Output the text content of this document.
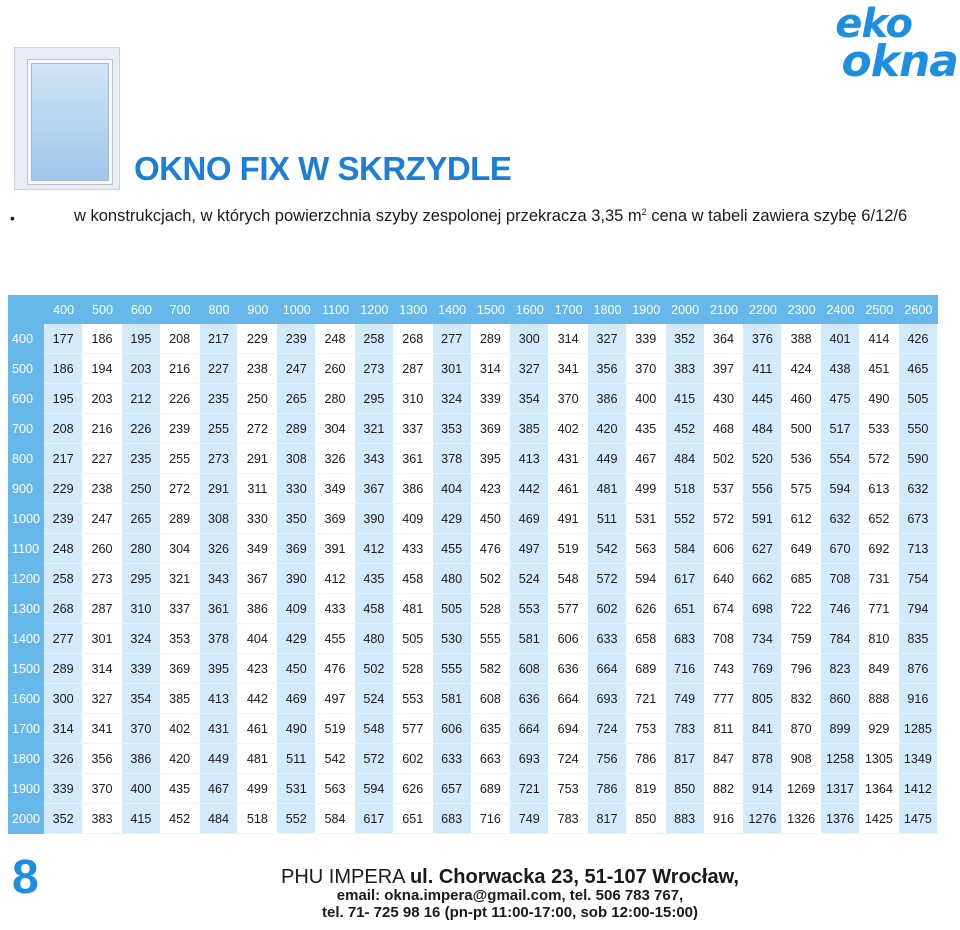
eko
okna
OKNO FIX W SKRZYDLE
•	w konstrukcjach, w których powierzchnia szyby zespolonej przekracza 3,35 $m^2$ cena w tabeli zawiera szybę 6/12/6
	400	500	600	700	800	900	1000	1100	1200	1300	1400	1500	1600	1700	1800	1900	2000	2100	2200	2300	2400	2500	2600
400	177	186	195	208	217	229	239	248	258	268	277	289	300	314	327	339	352	364	376	388	401	414	426
500	186	194	203	216	227	238	247	260	273	287	301	314	327	341	356	370	383	397	411	424	438	451	465
600	195	203	212	226	235	250	265	280	295	310	324	339	354	370	386	400	415	430	445	460	475	490	505
700	208	216	226	239	255	272	289	304	321	337	353	369	385	402	420	435	452	468	484	500	517	533	550
800	217	227	235	255	273	291	308	326	343	361	378	395	413	431	449	467	484	502	520	536	554	572	590
900	229	238	250	272	291	311	330	349	367	386	404	423	442	461	481	499	518	537	556	575	594	613	632
1000	239	247	265	289	308	330	350	369	390	409	429	450	469	491	511	531	552	572	591	612	632	652	673
1100	248	260	280	304	326	349	369	391	412	433	455	476	497	519	542	563	584	606	627	649	670	692	713
1200	258	273	295	321	343	367	390	412	435	458	480	502	524	548	572	594	617	640	662	685	708	731	754
1300	268	287	310	337	361	386	409	433	458	481	505	528	553	577	602	626	651	674	698	722	746	771	794
1400	277	301	324	353	378	404	429	455	480	505	530	555	581	606	633	658	683	708	734	759	784	810	835
1500	289	314	339	369	395	423	450	476	502	528	555	582	608	636	664	689	716	743	769	796	823	849	876
1600	300	327	354	385	413	442	469	497	524	553	581	608	636	664	693	721	749	777	805	832	860	888	916
1700	314	341	370	402	431	461	490	519	548	577	606	635	664	694	724	753	783	811	841	870	899	929	1285
1800	326	356	386	420	449	481	511	542	572	602	633	663	693	724	756	786	817	847	878	908	1258	1305	1349
1900	339	370	400	435	467	499	531	563	594	626	657	689	721	753	786	819	850	882	914	1269	1317	1364	1412
2000	352	383	415	452	484	518	552	584	617	651	683	716	749	783	817	850	883	916	1276	1326	1376	1425	1475
8	PHU IMPERA ul. Chorwacka 23, 51-107 Wrocław,
email: okna.impera@gmail.com, tel. 506 783 767,
tel. 71- 725 98 16 (pn-pt 11:00-17:00, sob 12:00-15:00)
